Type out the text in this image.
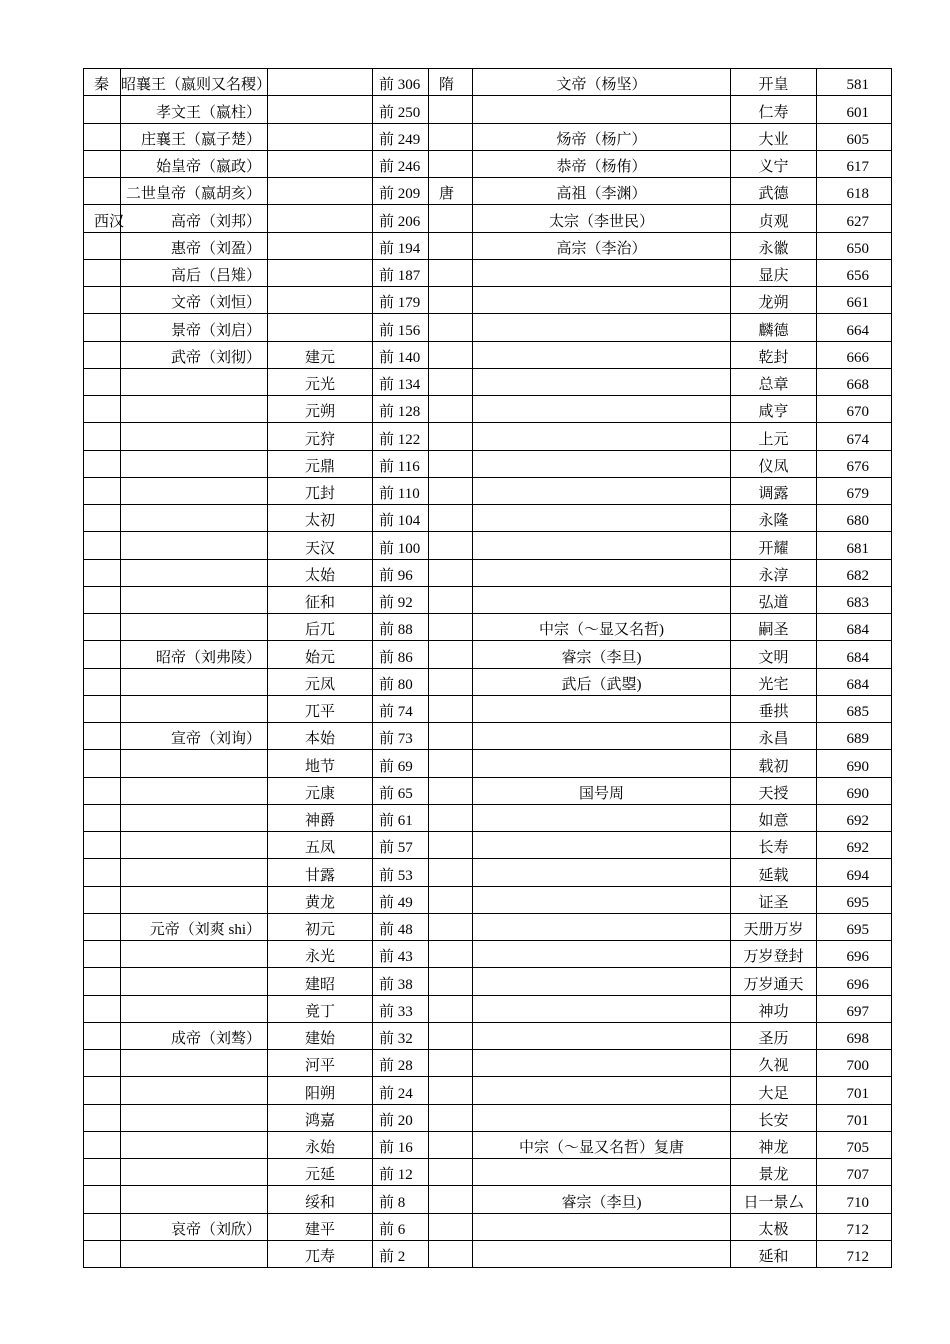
秦	昭襄王（嬴则又名稷）		前 306	隋	文帝（杨坚）	开皇	581

	孝文王（嬴柱）		前 250			仁寿	601

	庄襄王（嬴子楚）		前 249		炀帝（杨广）	大业	605

	始皇帝（嬴政）		前 246		恭帝（杨侑）	义宁	617

	二世皇帝（嬴胡亥）		前 209	唐	高祖（李渊）	武德	618

西汉	高帝（刘邦）		前 206		太宗（李世民）	贞观	627

	惠帝（刘盈）		前 194		高宗（李治）	永徽	650

	高后（吕雉）		前 187			显庆	656

	文帝（刘恒）		前 179			龙朔	661

	景帝（刘启）		前 156			麟德	664

	武帝（刘彻）	建元	前 140			乾封	666

		元光	前 134			总章	668

		元朔	前 128			咸亨	670

		元狩	前 122			上元	674

		元鼎	前 116			仪凤	676

		兀封	前 110			调露	679

		太初	前 104			永隆	680

		天汉	前 100			开耀	681

		太始	前 96			永淳	682

		征和	前 92			弘道	683

		后兀	前 88		中宗（〜显又名哲)	嗣圣	684

	昭帝（刘弗陵）	始元	前 86		睿宗（李旦)	文明	684

		元凤	前 80		武后（武曌)	光宅	684

		兀平	前 74			垂拱	685

	宣帝（刘询）	本始	前 73			永昌	689

		地节	前 69			载初	690

		元康	前 65		国号周	天授	690

		神爵	前 61			如意	692

		五凤	前 57			长寿	692

		甘露	前 53			延载	694

		黄龙	前 49			证圣	695

	元帝（刘爽 shi）	初元	前 48			天册万岁	695

		永光	前 43			万岁登封	696

		建昭	前 38			万岁通天	696

		竟丁	前 33			神功	697

	成帝（刘骜）	建始	前 32			圣历	698

		河平	前 28			久视	700

		阳朔	前 24			大足	701

		鸿嘉	前 20			长安	701

		永始	前 16		中宗（〜显又名哲）复唐	神龙	705

		元延	前 12			景龙	707

		绥和	前 8		睿宗（李旦)	日一景厶	710

	哀帝（刘欣）	建平	前 6			太极	712

		兀寿	前 2			延和	712
